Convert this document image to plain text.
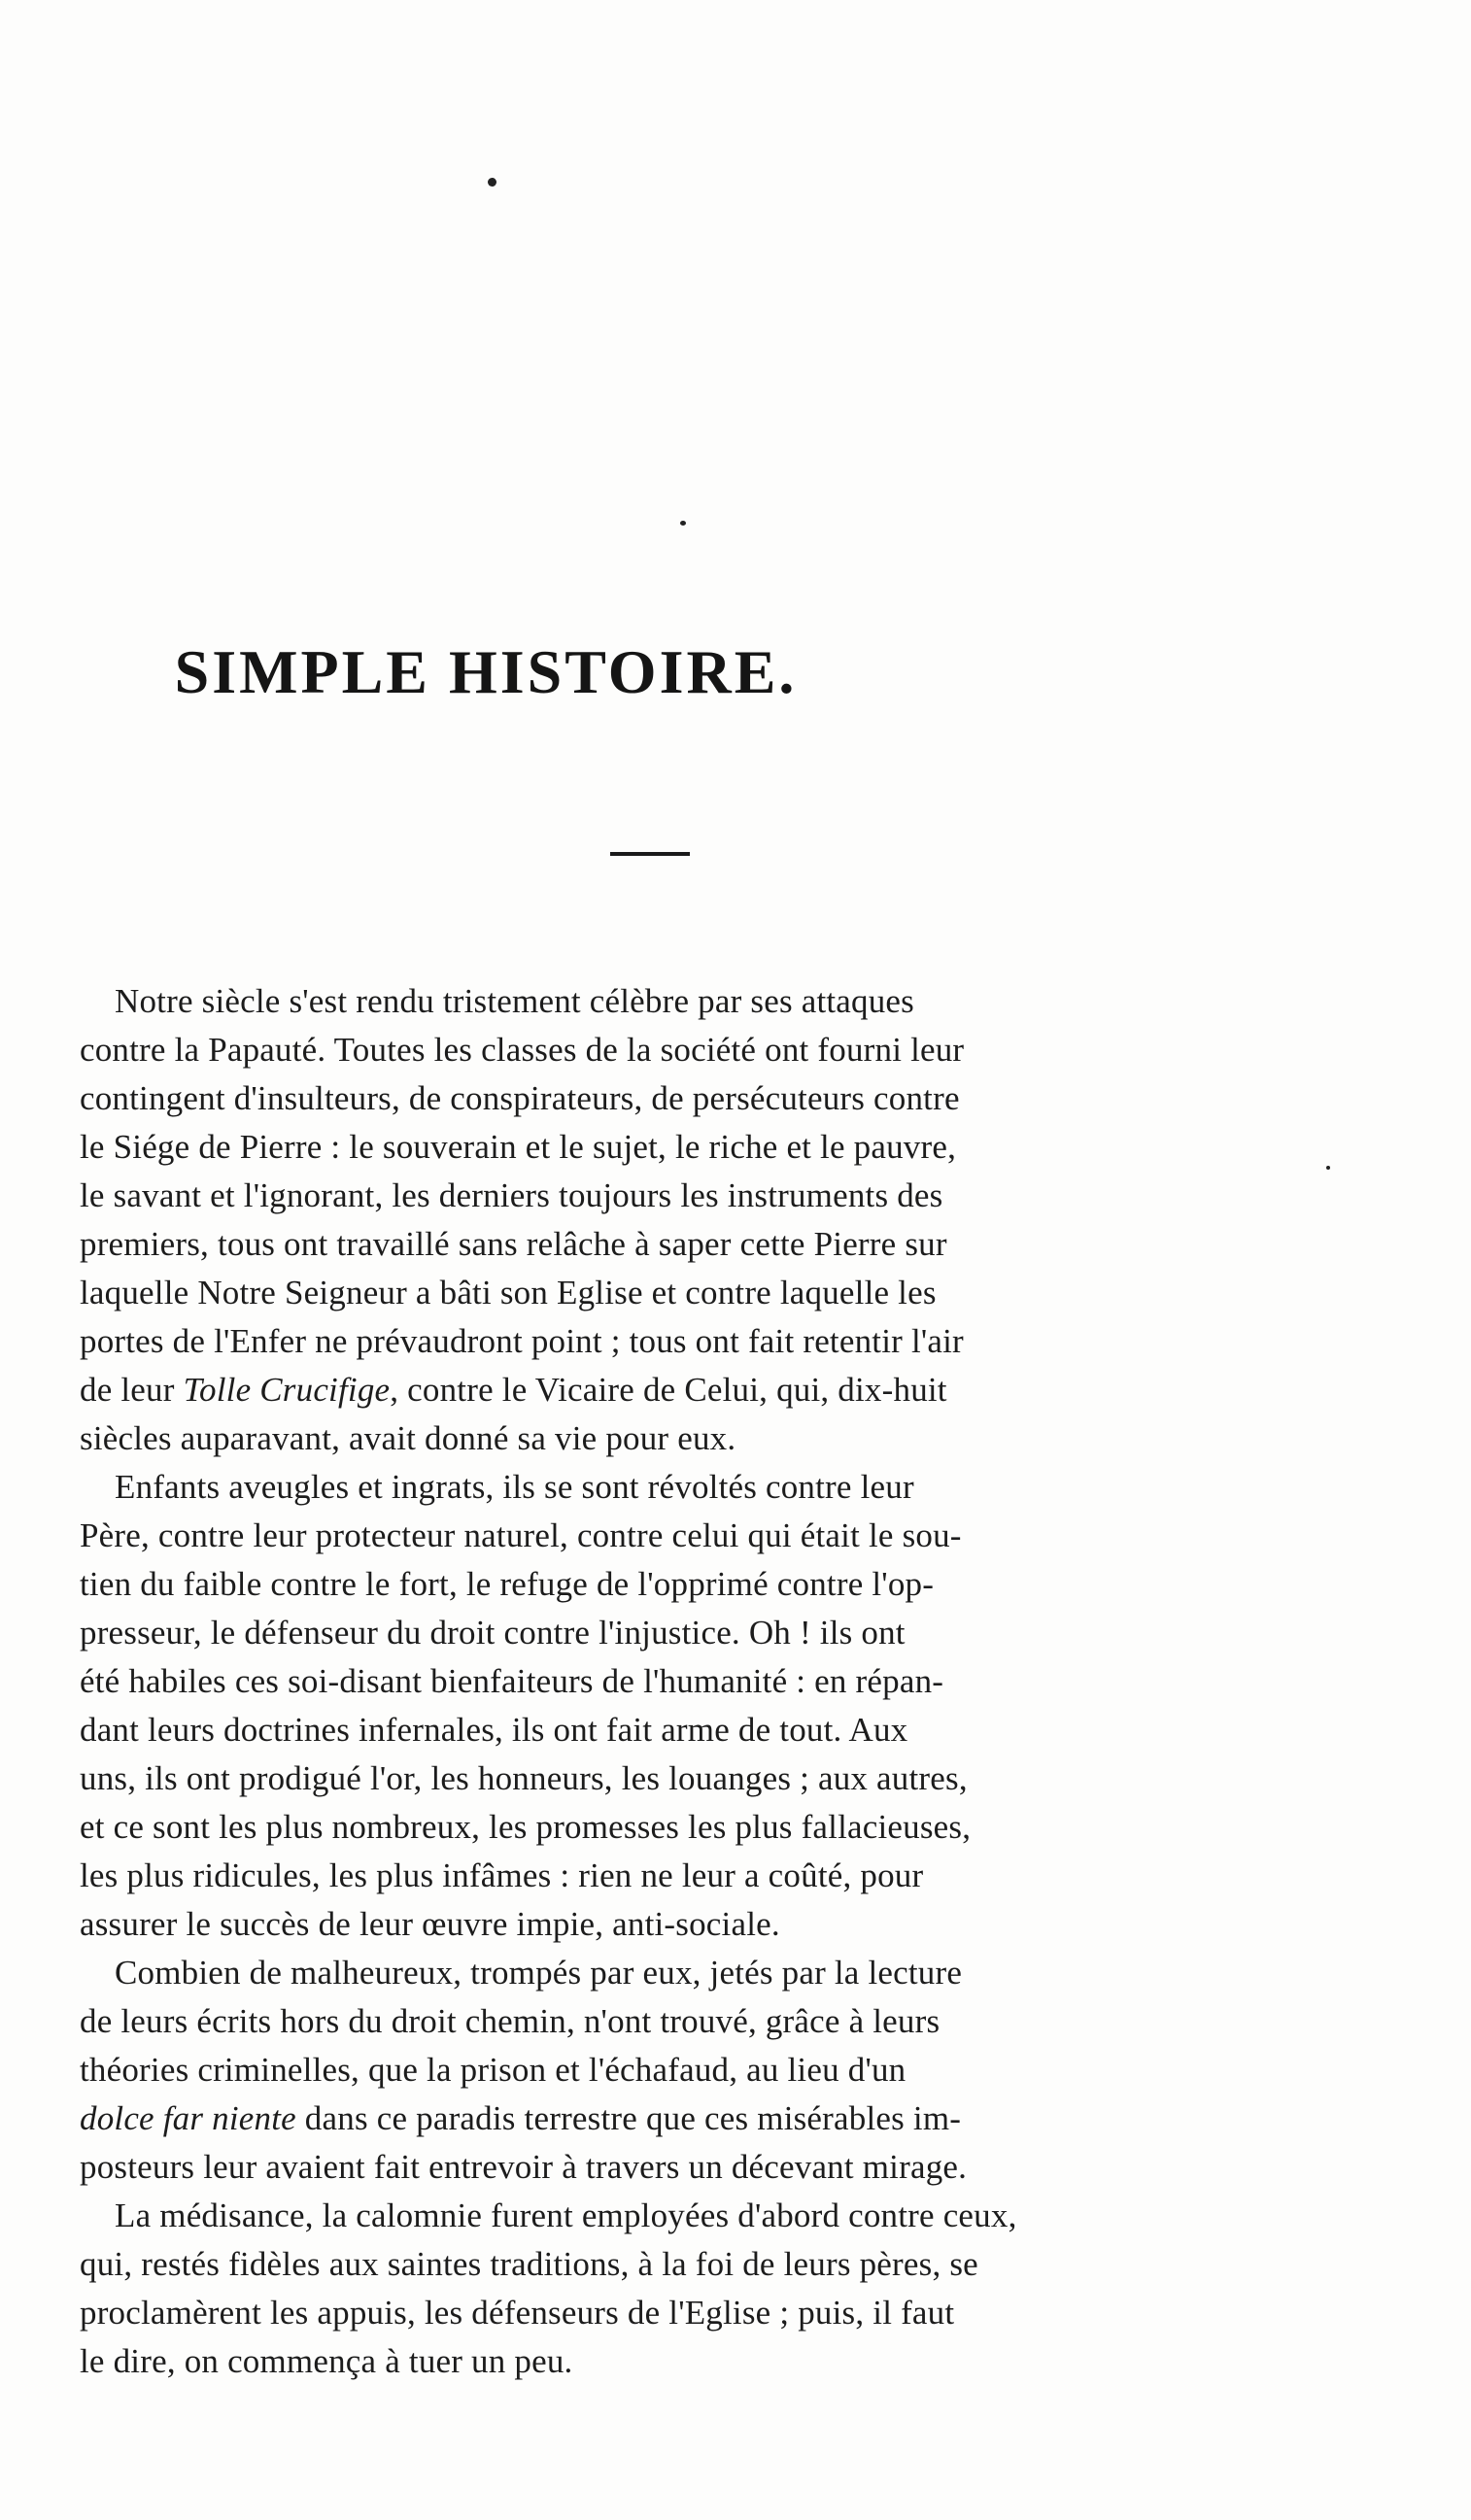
SIMPLE HISTOIRE.
Notre siècle s'est rendu tristement célèbre par ses attaques
contre la Papauté. Toutes les classes de la société ont fourni leur
contingent d'insulteurs, de conspirateurs, de persécuteurs contre
le Siége de Pierre : le souverain et le sujet, le riche et le pauvre,
le savant et l'ignorant, les derniers toujours les instruments des
premiers, tous ont travaillé sans relâche à saper cette Pierre sur
laquelle Notre Seigneur a bâti son Eglise et contre laquelle les
portes de l'Enfer ne prévaudront point ; tous ont fait retentir l'air
de leur Tolle Crucifige, contre le Vicaire de Celui, qui, dix-huit
siècles auparavant, avait donné sa vie pour eux.
Enfants aveugles et ingrats, ils se sont révoltés contre leur
Père, contre leur protecteur naturel, contre celui qui était le sou-
tien du faible contre le fort, le refuge de l'opprimé contre l'op-
presseur, le défenseur du droit contre l'injustice. Oh ! ils ont
été habiles ces soi-disant bienfaiteurs de l'humanité : en répan-
dant leurs doctrines infernales, ils ont fait arme de tout. Aux
uns, ils ont prodigué l'or, les honneurs, les louanges ; aux autres,
et ce sont les plus nombreux, les promesses les plus fallacieuses,
les plus ridicules, les plus infâmes : rien ne leur a coûté, pour
assurer le succès de leur œuvre impie, anti-sociale.
Combien de malheureux, trompés par eux, jetés par la lecture
de leurs écrits hors du droit chemin, n'ont trouvé, grâce à leurs
théories criminelles, que la prison et l'échafaud, au lieu d'un
dolce far niente dans ce paradis terrestre que ces misérables im-
posteurs leur avaient fait entrevoir à travers un décevant mirage.
La médisance, la calomnie furent employées d'abord contre ceux,
qui, restés fidèles aux saintes traditions, à la foi de leurs pères, se
proclamèrent les appuis, les défenseurs de l'Eglise ; puis, il faut
le dire, on commença à tuer un peu.
